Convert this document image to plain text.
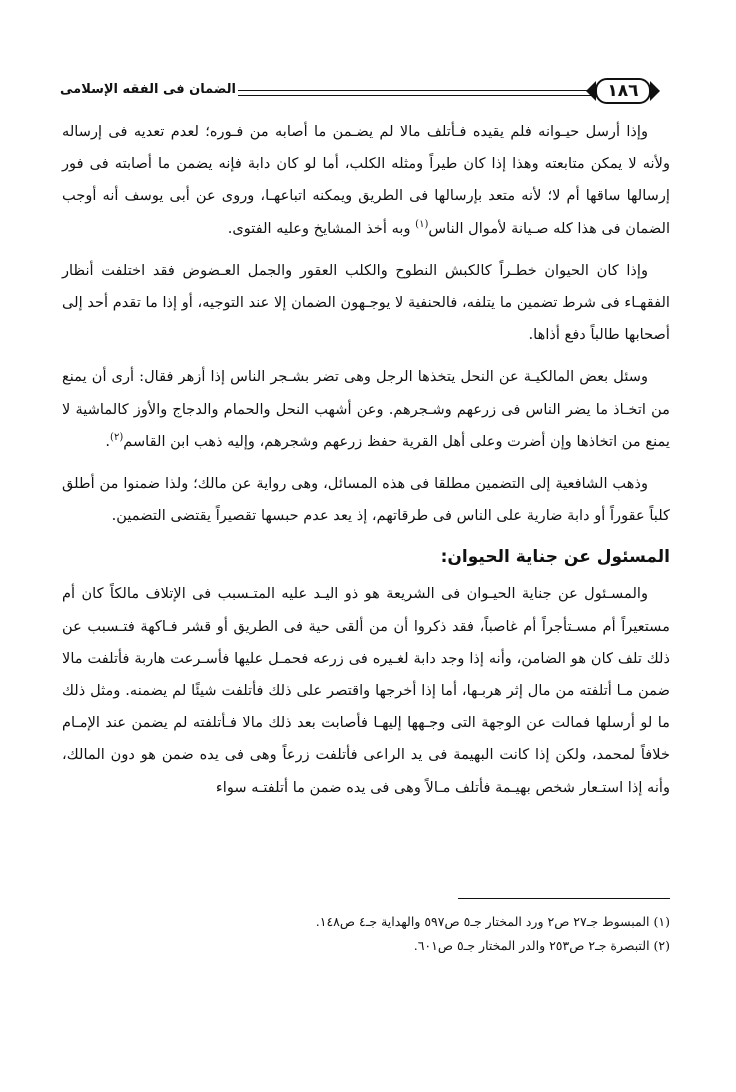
الضمان فى الفقه الإسلامى	١٨٦

وإذا أرسل حيـوانه فلم يقيده فـأتلف مالا لم يضـمن ما أصابه من فـوره؛ لعدم تعديه فى إرساله ولأنه لا يمكن متابعته وهذا إذا كان طيراً ومثله الكلب، أما لو كان دابة فإنه يضمن ما أصابته فى فور إرسالها ساقها أم لا؛ لأنه متعد بإرسالها فى الطريق ويمكنه اتباعهـا، وروى عن أبى يوسف أنه أوجب الضمان فى هذا كله صـيانة لأموال الناس$^{(١)}$ وبه أخذ المشايخ وعليه الفتوى.

وإذا كان الحيوان خطـراً كالكبش النطوح والكلب العقور والجمل العـضوض فقد اختلفت أنظار الفقهـاء فى شرط تضمين ما يتلفه، فالحنفية لا يوجـهون الضمان إلا عند التوجيه، أو إذا ما تقدم أحد إلى أصحابها طالباً دفع أذاها.

وسئل بعض المالكيـة عن النحل يتخذها الرجل وهى تضر بشـجر الناس إذا أزهر فقال: أرى أن يمنع من اتخـاذ ما يضر الناس فى زرعهم وشـجرهم. وعن أشهب النحل والحمام والدجاج والأوز كالماشية لا يمنع من اتخاذها وإن أضرت وعلى أهل القرية حفظ زرعهم وشجرهم، وإليه ذهب ابن القاسم$^{(٢)}$.

وذهب الشافعية إلى التضمين مطلقا فى هذه المسائل، وهى رواية عن مالك؛ ولذا ضمنوا من أطلق كلباً عقوراً أو دابة ضارية على الناس فى طرقاتهم، إذ يعد عدم حبسها تقصيراً يقتضى التضمين.

المسئول عن جناية الحيوان:

والمسـئول عن جناية الحيـوان فى الشريعة هو ذو اليـد عليه المتـسبب فى الإتلاف مالكاً كان أم مستعيراً أم مسـتأجراً أم غاصباً، فقد ذكروا أن من ألقى حية فى الطريق أو قشر فـاكهة فتـسبب عن ذلك تلف كان هو الضامن، وأنه إذا وجد دابة لغـيره فى زرعه فحمـل عليها فأسـرعت هاربة فأتلفت مالا ضمن مـا أتلفته من مال إثر هربـها، أما إذا أخرجها واقتصر على ذلك فأتلفت شيئًا لم يضمنه. ومثل ذلك ما لو أرسلها فمالت عن الوجهة التى وجـهها إليهـا فأصابت بعد ذلك مالا فـأتلفته لم يضمن عند الإمـام خلافاً لمحمد، ولكن إذا كانت البهيمة فى يد الراعى فأتلفت زرعاً وهى فى يده ضمن هو دون المالك، وأنه إذا استـعار شخص بهيـمة فأتلف مـالاً وهى فى يده ضمن ما أتلفتـه سواء

(١) المبسوط جـ٢٧ ص٢ ورد المختار جـ٥ ص٥٩٧ والهداية جـ٤ ص١٤٨.

(٢) التبصرة جـ٢ ص٢٥٣ والدر المختار جـ٥ ص٦٠١.
